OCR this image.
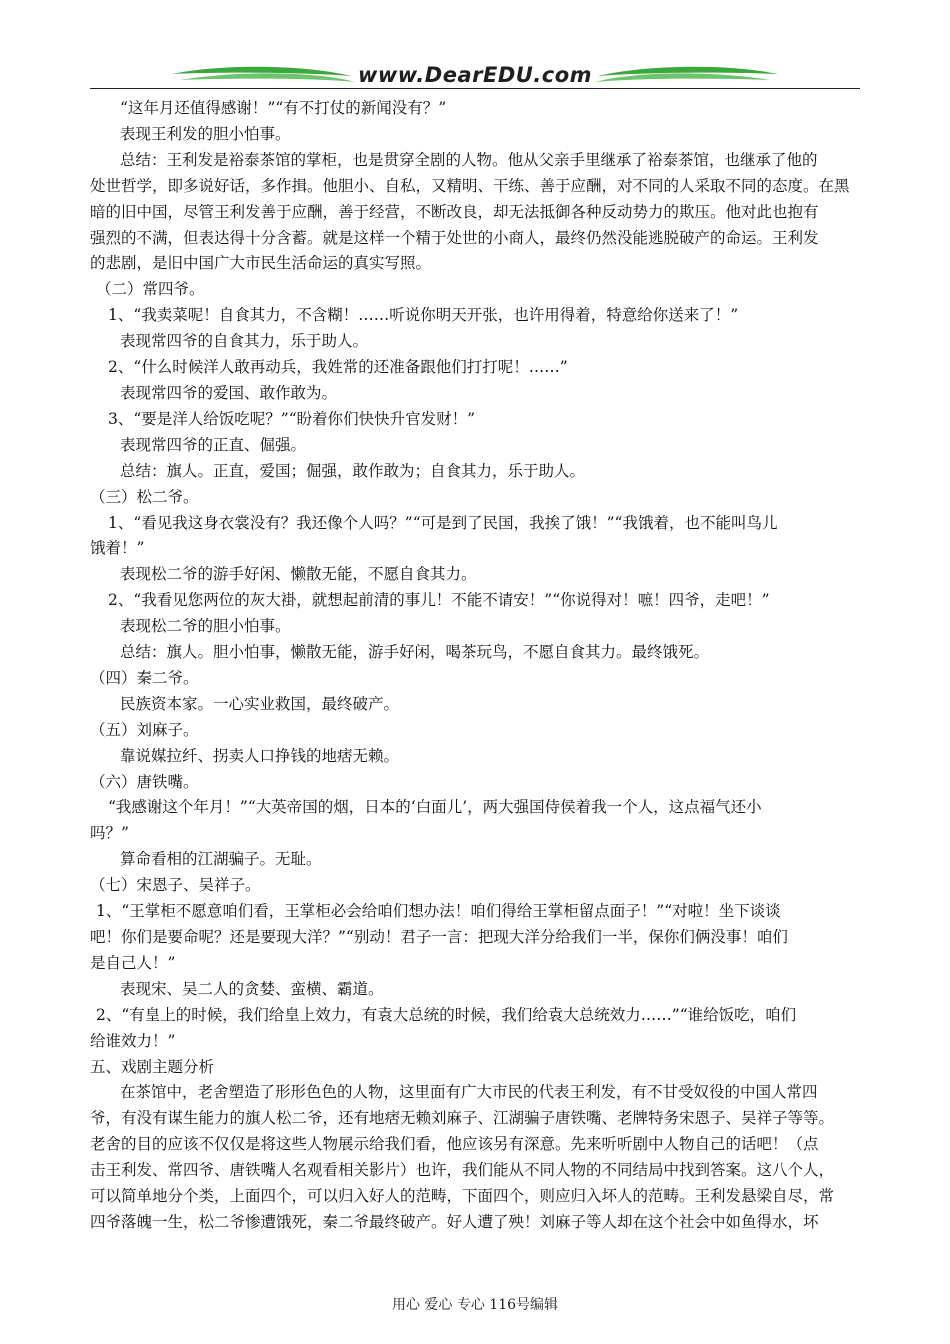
www.DearEDU.com

“这年月还值得感谢！”“有不打仗的新闻没有？”

表现王利发的胆小怕事。

总结：王利发是裕泰茶馆的掌柜，也是贯穿全剧的人物。他从父亲手里继承了裕泰茶馆，也继承了他的

处世哲学，即多说好话，多作揖。他胆小、自私，又精明、干练、善于应酬，对不同的人采取不同的态度。在黑

暗的旧中国，尽管王利发善于应酬，善于经营，不断改良，却无法抵御各种反动势力的欺压。他对此也抱有

强烈的不满，但表达得十分含蓄。就是这样一个精于处世的小商人，最终仍然没能逃脱破产的命运。王利发

的悲剧，是旧中国广大市民生活命运的真实写照。

（二）常四爷。

1、“我卖菜呢！自食其力，不含糊！……听说你明天开张，也许用得着，特意给你送来了！”

表现常四爷的自食其力，乐于助人。

2、“什么时候洋人敢再动兵，我姓常的还准备跟他们打打呢！……”

表现常四爷的爱国、敢作敢为。

3、“要是洋人给饭吃呢？”“盼着你们快快升官发财！”

表现常四爷的正直、倔强。

总结：旗人。正直，爱国；倔强，敢作敢为；自食其力，乐于助人。

（三）松二爷。

1、“看见我这身衣裳没有？我还像个人吗？”“可是到了民国，我挨了饿！”“我饿着，也不能叫鸟儿

饿着！”

表现松二爷的游手好闲、懒散无能，不愿自食其力。

2、“我看见您两位的灰大褂，就想起前清的事儿！不能不请安！”“你说得对！嗻！四爷，走吧！”

表现松二爷的胆小怕事。

总结：旗人。胆小怕事，懒散无能，游手好闲，喝茶玩鸟，不愿自食其力。最终饿死。

（四）秦二爷。

民族资本家。一心实业救国，最终破产。

（五）刘麻子。

靠说媒拉纤、拐卖人口挣钱的地痞无赖。

（六）唐铁嘴。

“我感谢这个年月！”“大英帝国的烟，日本的‘白面儿’，两大强国侍侯着我一个人，这点福气还小

吗？”

算命看相的江湖骗子。无耻。

（七）宋恩子、吴祥子。

1、“王掌柜不愿意咱们看，王掌柜必会给咱们想办法！咱们得给王掌柜留点面子！”“对啦！坐下谈谈

吧！你们是要命呢？还是要现大洋？”“别动！君子一言：把现大洋分给我们一半，保你们俩没事！咱们

是自己人！”

表现宋、吴二人的贪婪、蛮横、霸道。

2、“有皇上的时候，我们给皇上效力，有袁大总统的时候，我们给袁大总统效力……”“谁给饭吃，咱们

给谁效力！”

五、戏剧主题分析

在茶馆中，老舍塑造了形形色色的人物，这里面有广大市民的代表王利发，有不甘受奴役的中国人常四

爷，有没有谋生能力的旗人松二爷，还有地痞无赖刘麻子、江湖骗子唐铁嘴、老牌特务宋恩子、吴祥子等等。

老舍的目的应该不仅仅是将这些人物展示给我们看，他应该另有深意。先来听听剧中人物自己的话吧！（点

击王利发、常四爷、唐铁嘴人名观看相关影片）也许，我们能从不同人物的不同结局中找到答案。这八个人，

可以简单地分个类，上面四个，可以归入好人的范畴，下面四个，则应归入坏人的范畴。王利发悬梁自尽，常

四爷落魄一生，松二爷惨遭饿死，秦二爷最终破产。好人遭了殃！刘麻子等人却在这个社会中如鱼得水，坏

用心 爱心 专心 116号编辑
